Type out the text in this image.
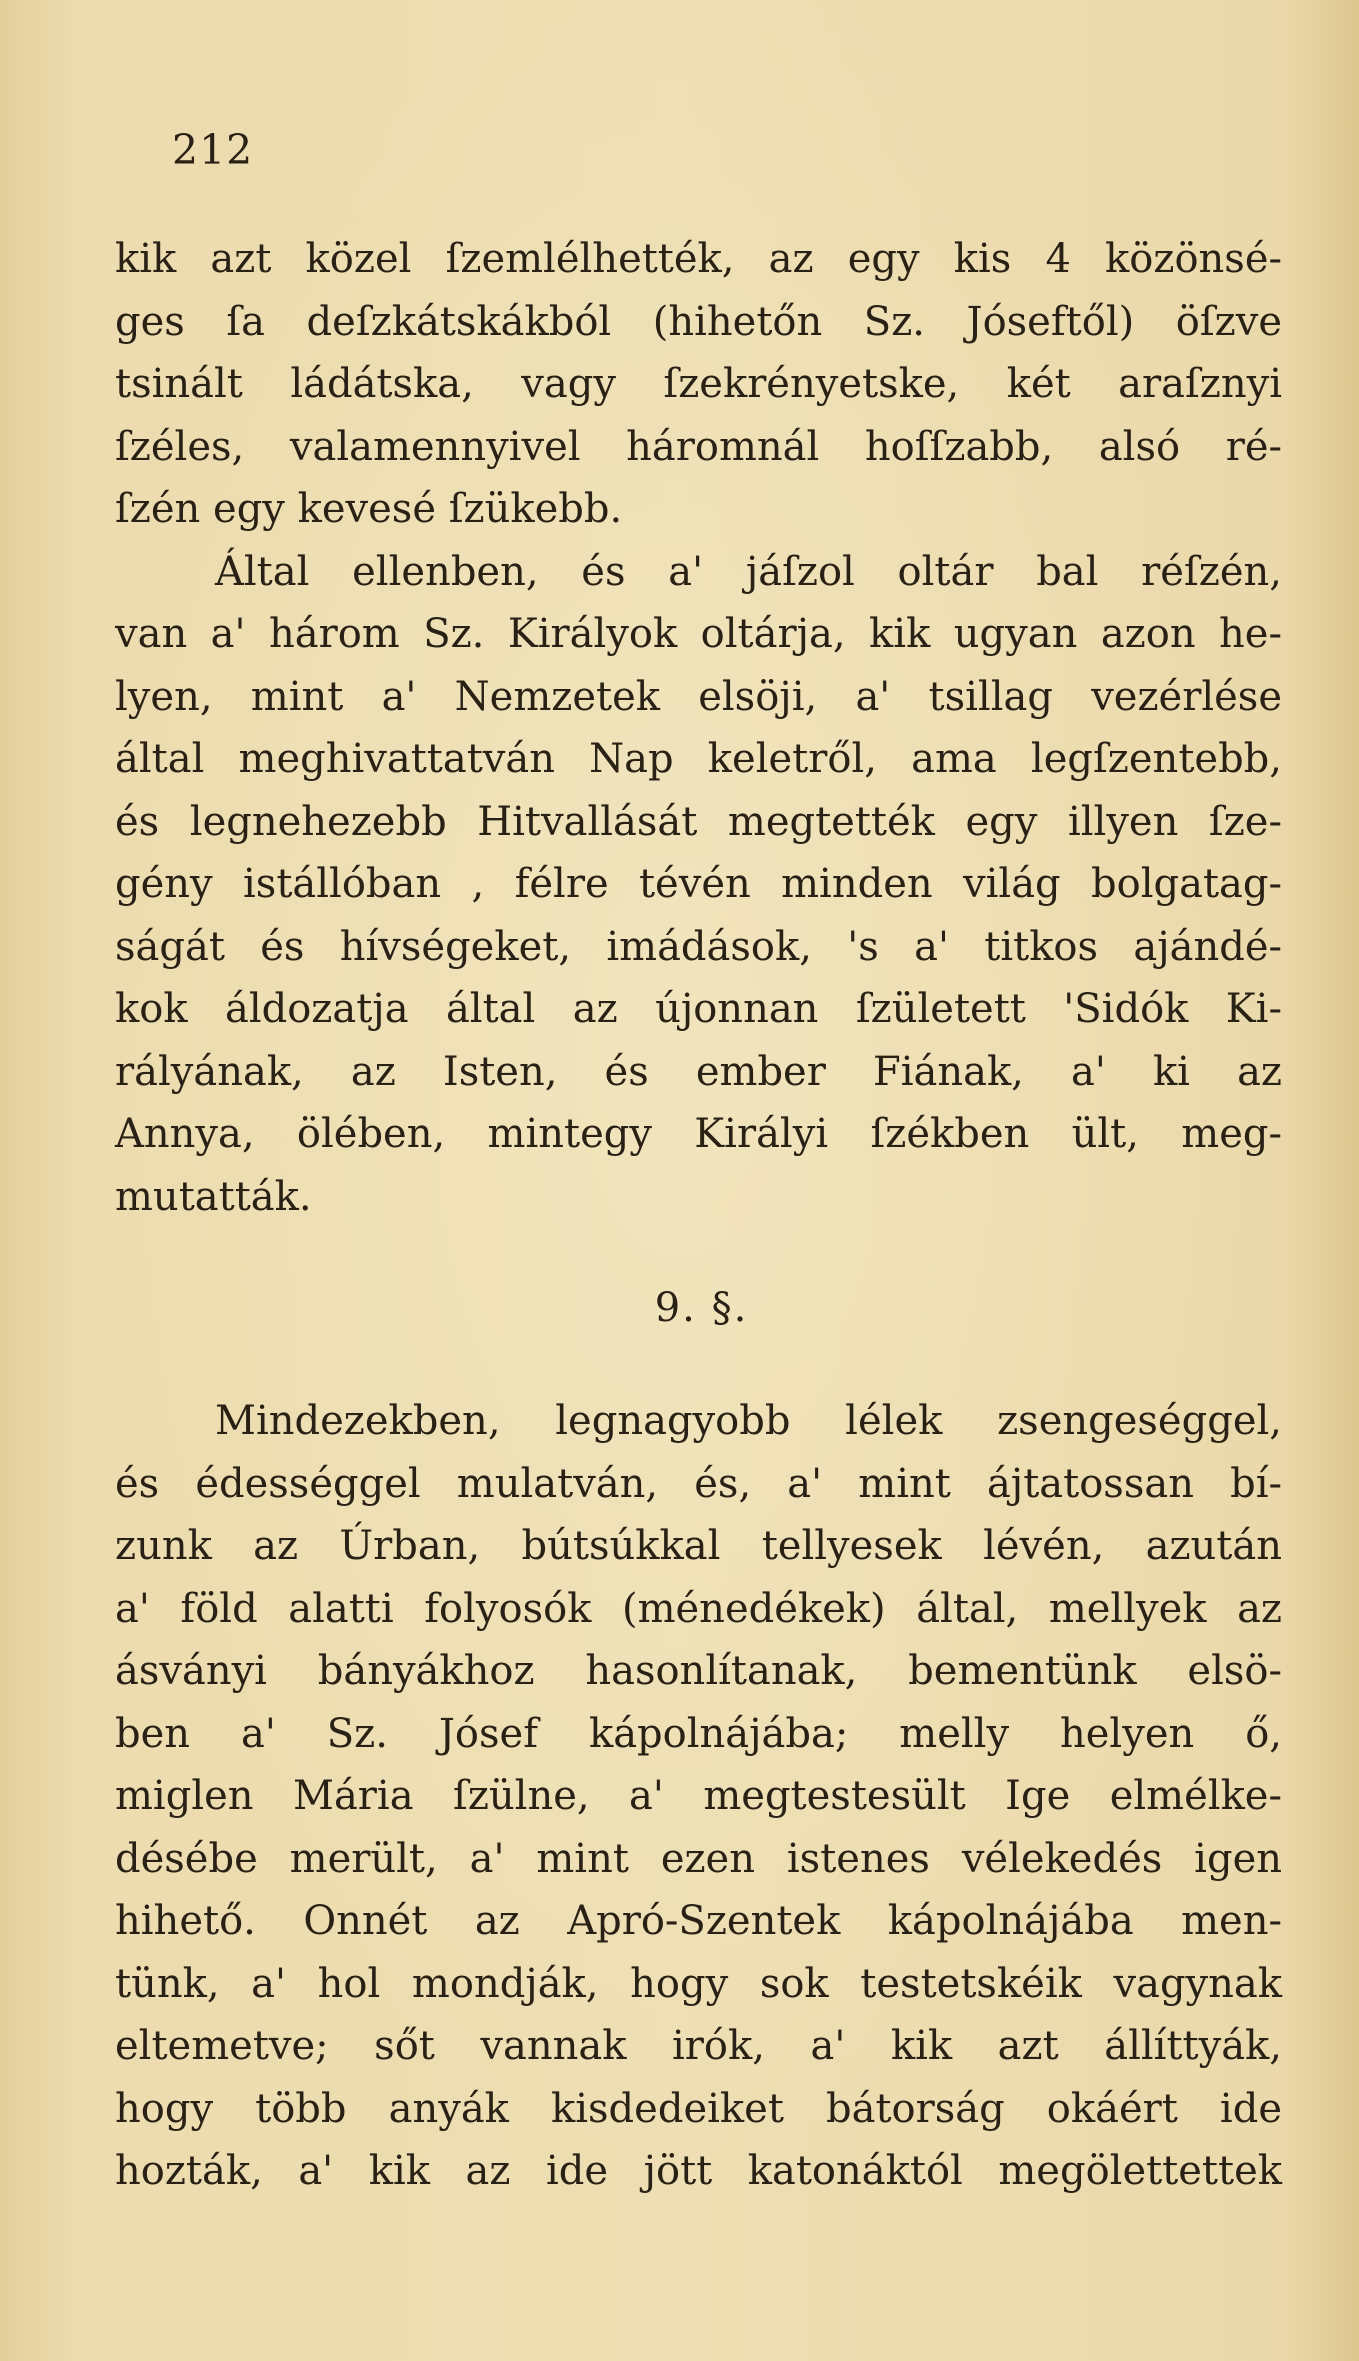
212
kik azt közel ſzemlélhették, az egy kis 4 közönsé-
ges ſa deſzkátskákból (hihetőn Sz. Jóseftől) öſzve
tsinált ládátska, vagy ſzekrényetske, két araſznyi
ſzéles, valamennyivel háromnál hoſſzabb, alsó ré-
ſzén egy kevesé ſzükebb.
Által ellenben, és a' jáſzol oltár bal réſzén,
van a' három Sz. Királyok oltárja, kik ugyan azon he-
lyen, mint a' Nemzetek elsöji, a' tsillag vezérlése
által meghivattatván Nap keletről, ama legſzentebb,
és legnehezebb Hitvallását megtették egy illyen ſze-
gény istállóban , félre tévén minden világ bolgatag-
ságát és hívségeket, imádások, 's a' titkos ajándé-
kok áldozatja által az újonnan ſzületett 'Sidók Ki-
rályának, az Isten, és ember Fiának, a' ki az
Annya, ölében, mintegy Királyi ſzékben ült, meg-
mutatták.
9. §.
Mindezekben, legnagyobb lélek zsengeséggel,
és édességgel mulatván, és, a' mint ájtatossan bí-
zunk az Úrban, bútsúkkal tellyesek lévén, azután
a' föld alatti folyosók (ménedékek) által, mellyek az
ásványi bányákhoz hasonlítanak, bementünk elsö-
ben a' Sz. Jósef kápolnájába; melly helyen ő,
miglen Mária ſzülne, a' megtestesült Ige elmélke-
désébe merült, a' mint ezen istenes vélekedés igen
hihető. Onnét az Apró-Szentek kápolnájába men-
tünk, a' hol mondják, hogy sok testetskéik vagynak
eltemetve; sőt vannak irók, a' kik azt állíttyák,
hogy több anyák kisdedeiket bátorság okáért ide
hozták, a' kik az ide jött katonáktól megölettettek
